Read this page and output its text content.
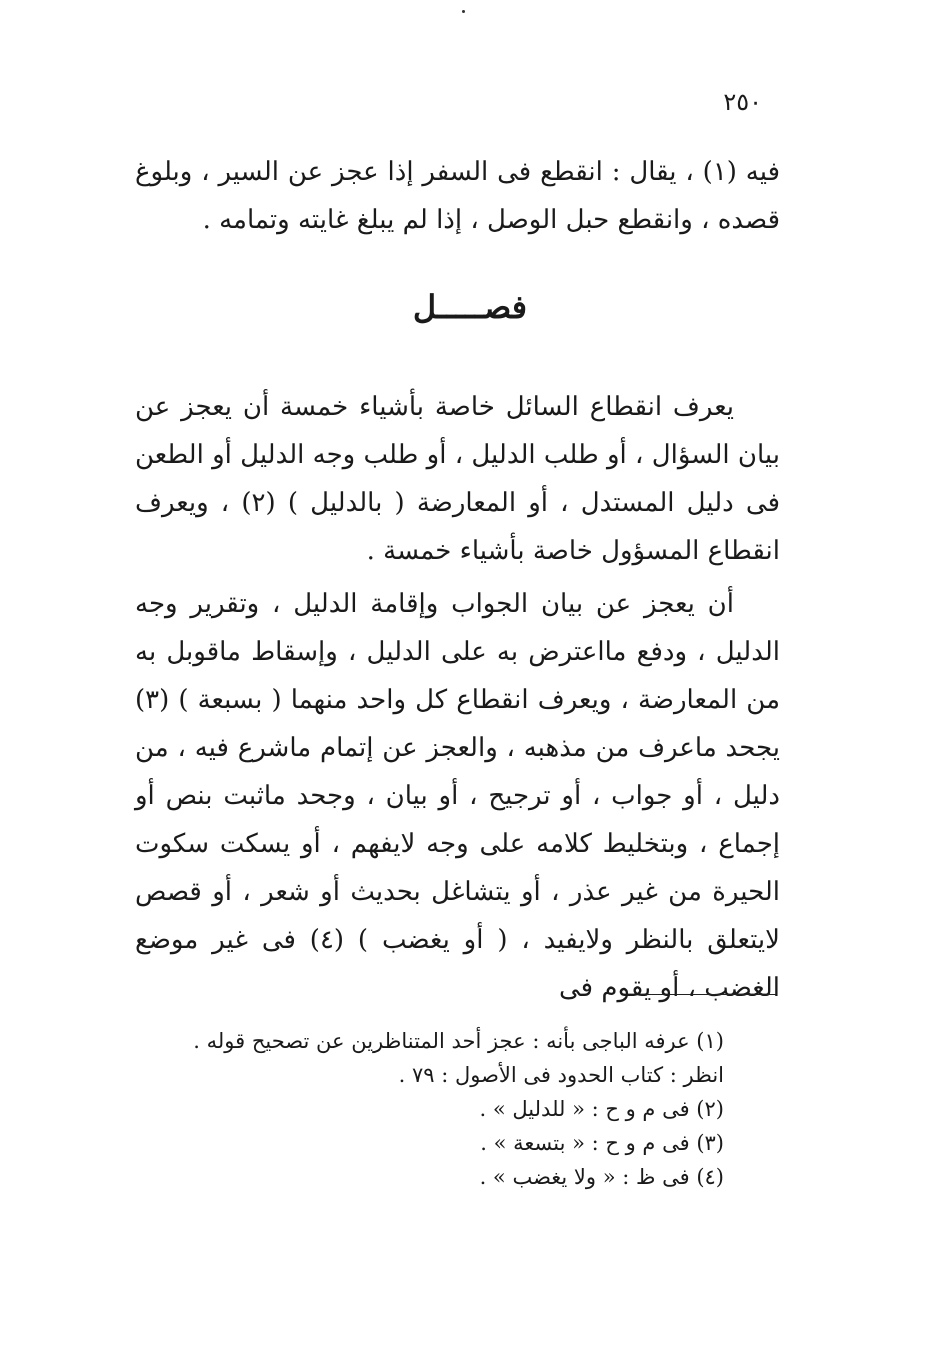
٢٥٠

فيه (١) ، يقال : انقطع فى السفر إذا عجز عن السير ، وبلوغ قصده ، وانقطع حبل الوصل ، إذا لم يبلغ غايته وتمامه .

فصـــــل

يعرف انقطاع السائل خاصة بأشياء خمسة أن يعجز عن بيان السؤال ، أو طلب الدليل ، أو طلب وجه الدليل أو الطعن فى دليل المستدل ، أو المعارضة ( بالدليل ) (٢) ، ويعرف انقطاع المسؤول خاصة بأشياء خمسة .

أن يعجز عن بيان الجواب وإقامة الدليل ، وتقرير وجه الدليل ، ودفع مااعترض به على الدليل ، وإسقاط ماقوبل به من المعارضة ، ويعرف انقطاع كل واحد منهما ( بسبعة ) (٣) يجحد ماعرف من مذهبه ، والعجز عن إتمام ماشرع فيه ، من دليل ، أو جواب ، أو ترجيح ، أو بيان ، وجحد ماثبت بنص أو إجماع ، وبتخليط كلامه على وجه لايفهم ، أو يسكت سكوت الحيرة من غير عذر ، أو يتشاغل بحديث أو شعر ، أو قصص لايتعلق بالنظر ولايفيد ، ( أو يغضب ) (٤) فى غير موضع الغضب ، أو يقوم فى

(١) عرفه الباجى بأنه : عجز أحد المتناظرين عن تصحيح قوله .
انظر : كتاب الحدود فى الأصول : ٧٩ .
(٢) فى م و ح : « للدليل » .
(٣) فى م و ح : « بتسعة » .
(٤) فى ظ : « ولا يغضب » .
